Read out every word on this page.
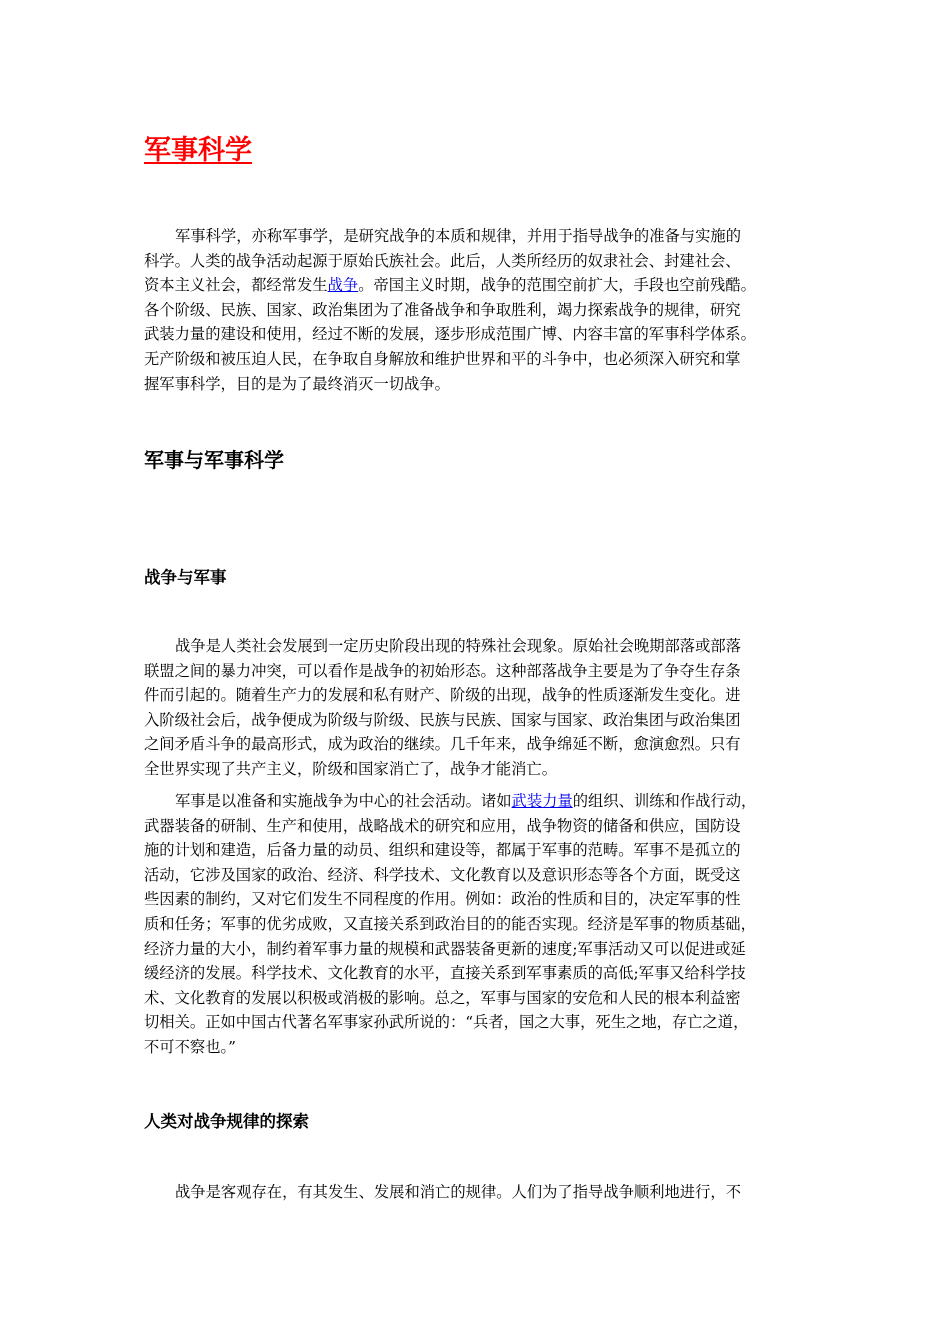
军事科学
军事科学，亦称军事学，是研究战争的本质和规律，并用于指导战争的准备与实施的
科学。人类的战争活动起源于原始氏族社会。此后，人类所经历的奴隶社会、封建社会、
资本主义社会，都经常发生战争。帝国主义时期，战争的范围空前扩大，手段也空前残酷。
各个阶级、民族、国家、政治集团为了准备战争和争取胜利，竭力探索战争的规律，研究
武装力量的建设和使用，经过不断的发展，逐步形成范围广博、内容丰富的军事科学体系。
无产阶级和被压迫人民，在争取自身解放和维护世界和平的斗争中，也必须深入研究和掌
握军事科学，目的是为了最终消灭一切战争。
军事与军事科学
战争与军事
战争是人类社会发展到一定历史阶段出现的特殊社会现象。原始社会晚期部落或部落
联盟之间的暴力冲突，可以看作是战争的初始形态。这种部落战争主要是为了争夺生存条
件而引起的。随着生产力的发展和私有财产、阶级的出现，战争的性质逐渐发生变化。进
入阶级社会后，战争便成为阶级与阶级、民族与民族、国家与国家、政治集团与政治集团
之间矛盾斗争的最高形式，成为政治的继续。几千年来，战争绵延不断，愈演愈烈。只有
全世界实现了共产主义，阶级和国家消亡了，战争才能消亡。
军事是以准备和实施战争为中心的社会活动。诸如武装力量的组织、训练和作战行动，
武器装备的研制、生产和使用，战略战术的研究和应用，战争物资的储备和供应，国防设
施的计划和建造，后备力量的动员、组织和建设等，都属于军事的范畴。军事不是孤立的
活动，它涉及国家的政治、经济、科学技术、文化教育以及意识形态等各个方面，既受这
些因素的制约，又对它们发生不同程度的作用。例如：政治的性质和目的，决定军事的性
质和任务；军事的优劣成败，又直接关系到政治目的的能否实现。经济是军事的物质基础，
经济力量的大小，制约着军事力量的规模和武器装备更新的速度;军事活动又可以促进或延
缓经济的发展。科学技术、文化教育的水平，直接关系到军事素质的高低;军事又给科学技
术、文化教育的发展以积极或消极的影响。总之，军事与国家的安危和人民的根本利益密
切相关。正如中国古代著名军事家孙武所说的：“兵者，国之大事，死生之地，存亡之道，
不可不察也。”
人类对战争规律的探索
战争是客观存在，有其发生、发展和消亡的规律。人们为了指导战争顺利地进行，不
